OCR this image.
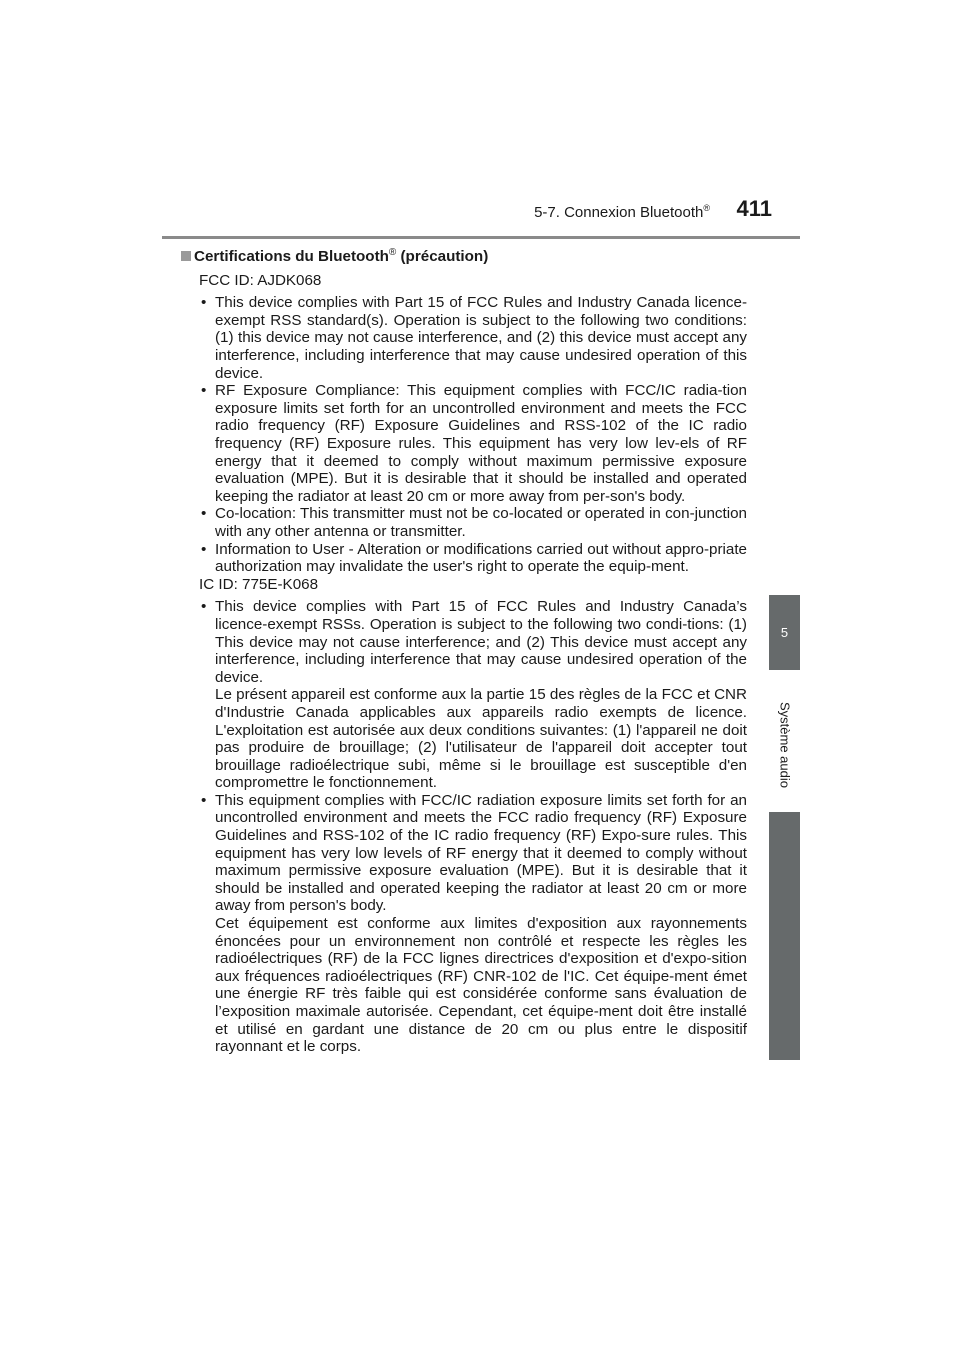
5-7. Connexion Bluetooth®	411
5
Système audio
Certifications du Bluetooth® (précaution)
FCC ID: AJDK068
• This device complies with Part 15 of FCC Rules and Industry Canada licence-exempt RSS standard(s). Operation is subject to the following two conditions: (1) this device may not cause interference, and (2) this device must accept any interference, including interference that may cause undesired operation of this device.

• RF Exposure Compliance: This equipment complies with FCC/IC radia-tion exposure limits set forth for an uncontrolled environment and meets the FCC radio frequency (RF) Exposure Guidelines and RSS-102 of the IC radio frequency (RF) Exposure rules. This equipment has very low lev-els of RF energy that it deemed to comply without maximum permissive exposure evaluation (MPE). But it is desirable that it should be installed and operated keeping the radiator at least 20 cm or more away from per-son's body.

• Co-location: This transmitter must not be co-located or operated in con-junction with any other antenna or transmitter.

• Information to User - Alteration or modifications carried out without appro-priate authorization may invalidate the user's right to operate the equip-ment.

IC ID: 775E-K068
• This device complies with Part 15 of FCC Rules and Industry Canada’s licence-exempt RSSs. Operation is subject to the following two condi-tions: (1) This device may not cause interference; and (2) This device must accept any interference, including interference that may cause undesired operation of the device.

Le présent appareil est conforme aux la partie 15 des règles de la FCC et CNR d'Industrie Canada applicables aux appareils radio exempts de licence. L'exploitation est autorisée aux deux conditions suivantes: (1) l'appareil ne doit pas produire de brouillage; (2) l'utilisateur de l'appareil doit accepter tout brouillage radioélectrique subi, même si le brouillage est susceptible d'en compromettre le fonctionnement.

• This equipment complies with FCC/IC radiation exposure limits set forth for an uncontrolled environment and meets the FCC radio frequency (RF) Exposure Guidelines and RSS-102 of the IC radio frequency (RF) Expo-sure rules. This equipment has very low levels of RF energy that it deemed to comply without maximum permissive exposure evaluation (MPE). But it is desirable that it should be installed and operated keeping the radiator at least 20 cm or more away from person's body.

Cet équipement est conforme aux limites d'exposition aux rayonnements énoncées pour un environnement non contrôlé et respecte les règles les radioélectriques (RF) de la FCC lignes directrices d'exposition et d'expo-sition aux fréquences radioélectriques (RF) CNR-102 de l'IC. Cet équipe-ment émet une énergie RF très faible qui est considérée conforme sans évaluation de l’exposition maximale autorisée. Cependant, cet équipe-ment doit être installé et utilisé en gardant une distance de 20 cm ou plus entre le dispositif rayonnant et le corps.
